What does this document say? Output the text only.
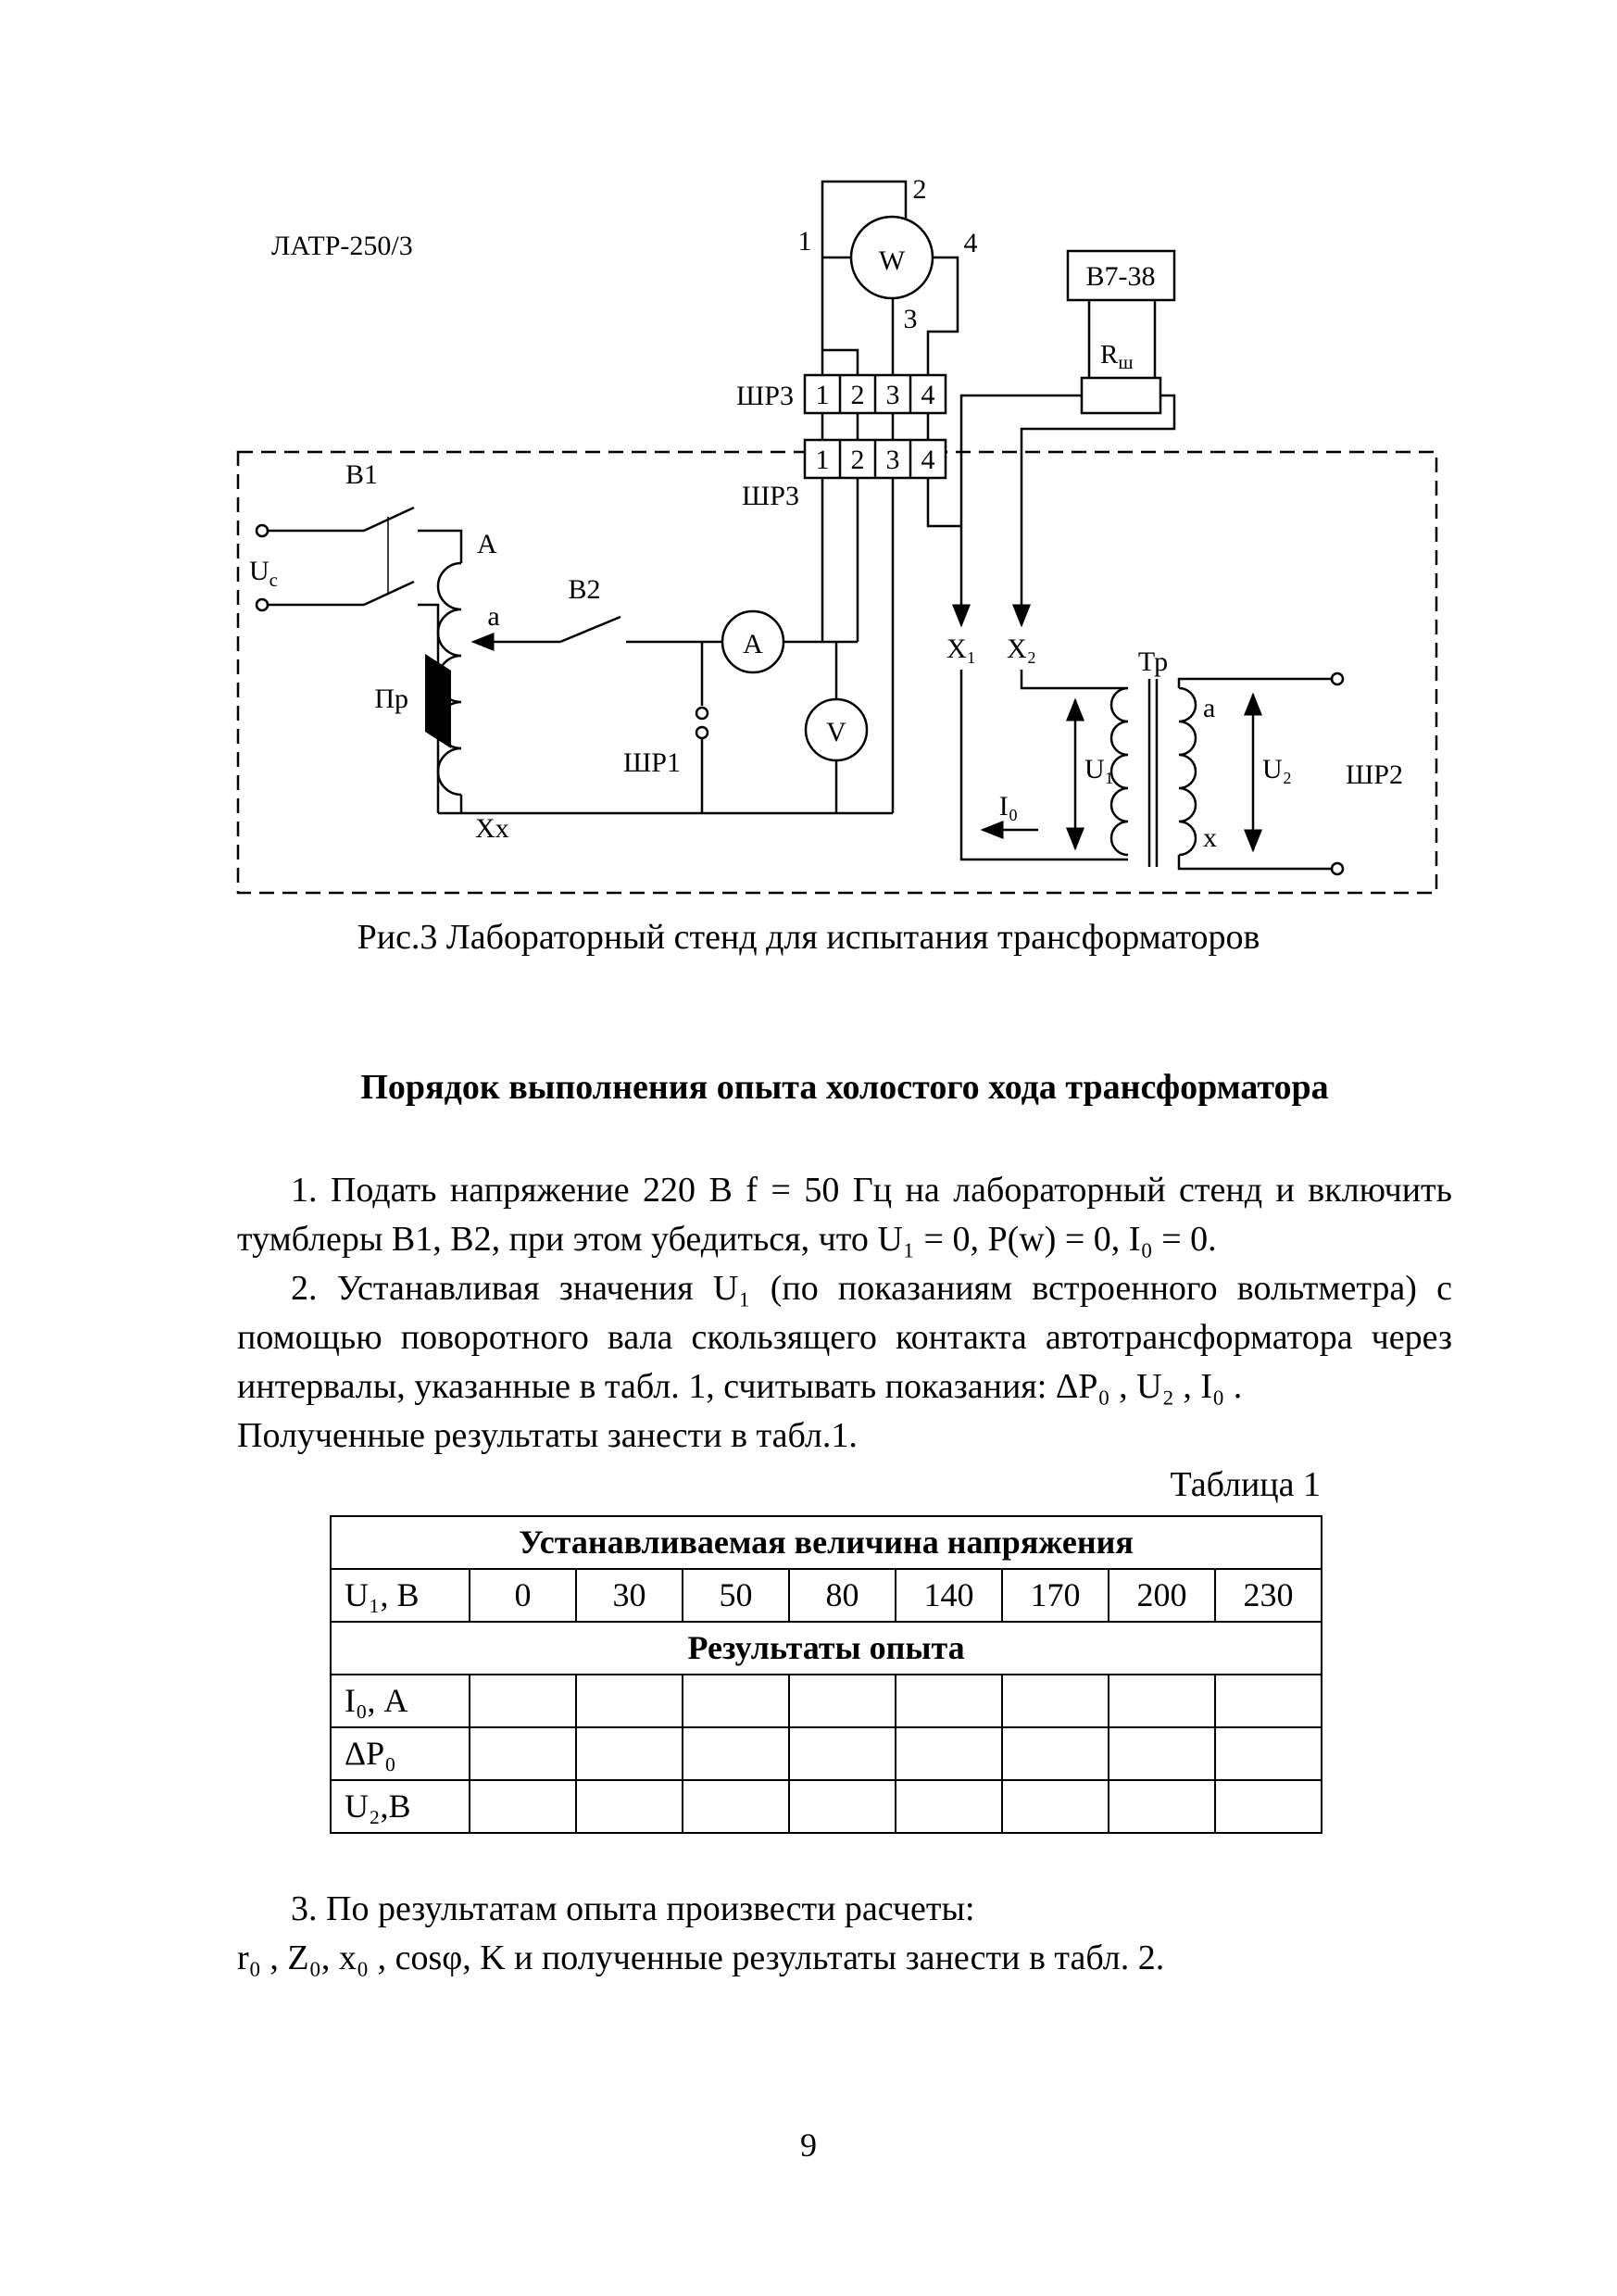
ЛАТР-250/3	W
1
2
3
4
ШР3 1 2 3 4
ШР3
1 2 3 4
В7-38
$R_ш$
$U_c$
В1
Пр
А
а
Хх
В2
А
V
ШР1
Х₁ Х₂
U₁
I₀
Тр
а
х
U₂ ШР2
Рис.3 Лабораторный стенд для испытания трансформаторов
Порядок выполнения опыта холостого хода трансформатора

1. Подать напряжение 220 В f = 50 Гц на лабораторный стенд и включить тумблеры В1, В2, при этом убедиться, что U₁ = 0, P(w) = 0, I₀ = 0.

2. Устанавливая значения U₁ (по показаниям встроенного вольтметра) с помощью поворотного вала скользящего контакта автотрансформатора через интервалы, указанные в табл. 1, считывать показания: ΔР₀ , U₂ , I₀ .

Полученные результаты занести в табл.1.

Таблица 1
Устанавливаемая величина напряжения								
U₁, В	0	30	50	80	140	170	200	230
Результаты опыта								
I₀, А								
ΔР₀								
U₂,В								

3. По результатам опыта произвести расчеты:

r₀ , Z₀, x₀ , cosφ, K и полученные результаты занести в табл. 2.

9
